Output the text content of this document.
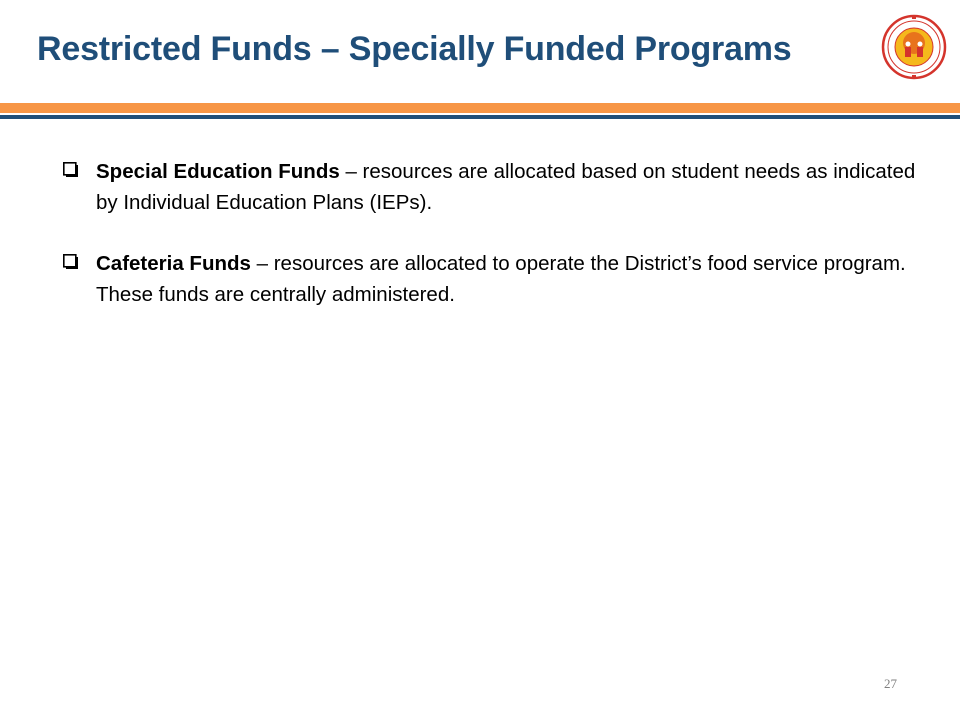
Restricted Funds – Specially Funded Programs
Special Education Funds – resources are allocated based on student needs as indicated by Individual Education Plans (IEPs).
Cafeteria Funds – resources are allocated to operate the District’s food service program.   These funds are centrally administered.
27
